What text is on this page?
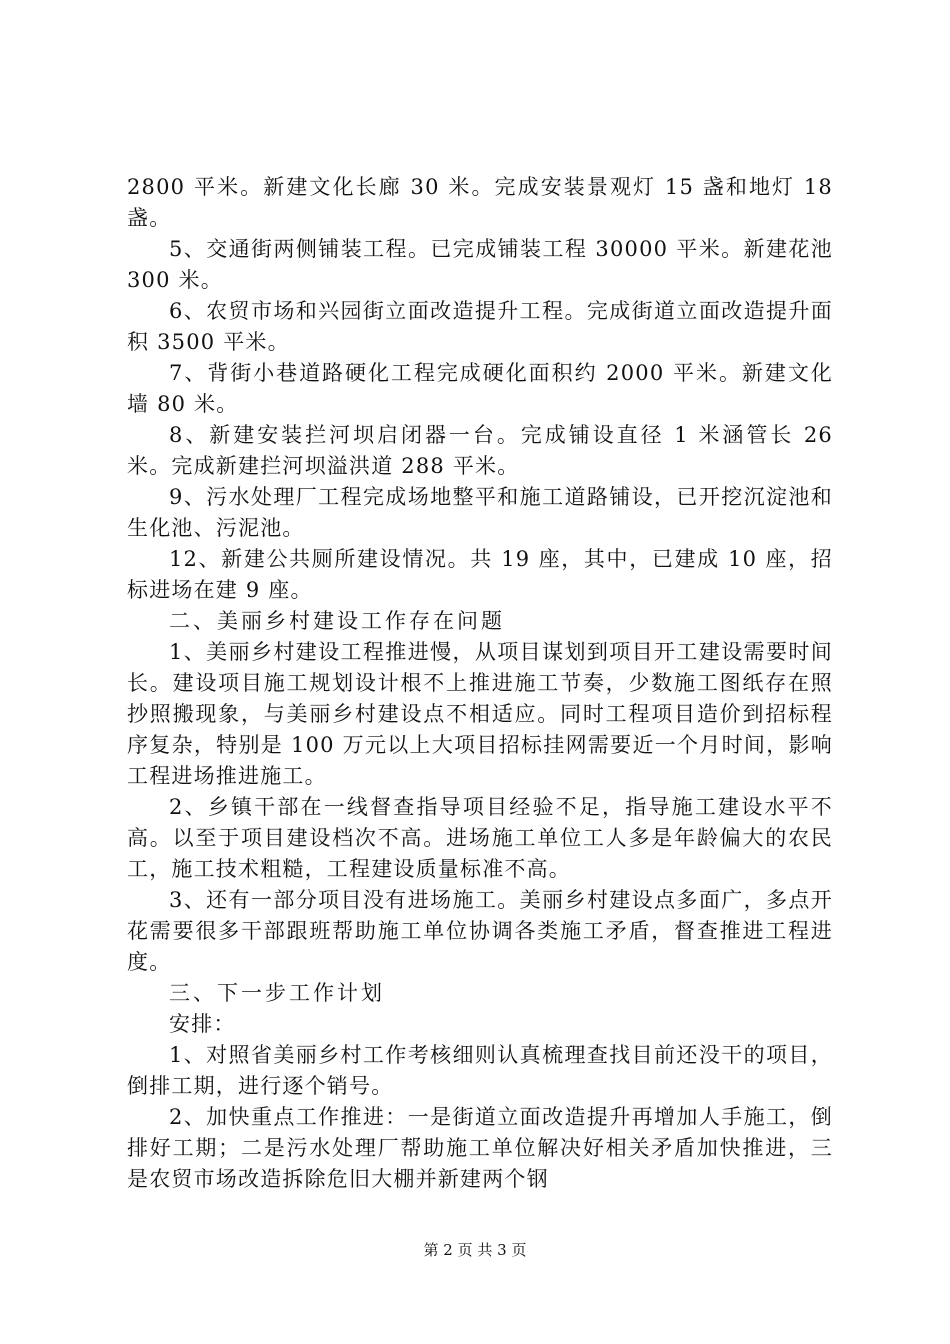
2800 平米。新建文化长廊 30 米。完成安装景观灯 15 盏和地灯 18 盏。

5、交通街两侧铺装工程。已完成铺装工程 30000 平米。新建花池 300 米。

6、农贸市场和兴园街立面改造提升工程。完成街道立面改造提升面积 3500 平米。

7、背街小巷道路硬化工程完成硬化面积约 2000 平米。新建文化墙 80 米。

8、新建安装拦河坝启闭器一台。完成铺设直径 1 米涵管长 26 米。完成新建拦河坝溢洪道 288 平米。

9、污水处理厂工程完成场地整平和施工道路铺设，已开挖沉淀池和生化池、污泥池。

12、新建公共厕所建设情况。共 19 座，其中，已建成 10 座，招标进场在建 9 座。

二、美丽乡村建设工作存在问题

1、美丽乡村建设工程推进慢，从项目谋划到项目开工建设需要时间长。建设项目施工规划设计根不上推进施工节奏，少数施工图纸存在照抄照搬现象，与美丽乡村建设点不相适应。同时工程项目造价到招标程序复杂，特别是 100 万元以上大项目招标挂网需要近一个月时间，影响工程进场推进施工。

2、乡镇干部在一线督查指导项目经验不足，指导施工建设水平不高。以至于项目建设档次不高。进场施工单位工人多是年龄偏大的农民工，施工技术粗糙，工程建设质量标准不高。

3、还有一部分项目没有进场施工。美丽乡村建设点多面广，多点开花需要很多干部跟班帮助施工单位协调各类施工矛盾，督查推进工程进度。

三、下一步工作计划

安排：

1、对照省美丽乡村工作考核细则认真梳理查找目前还没干的项目，倒排工期，进行逐个销号。

2、加快重点工作推进：一是街道立面改造提升再增加人手施工，倒排好工期；二是污水处理厂帮助施工单位解决好相关矛盾加快推进，三是农贸市场改造拆除危旧大棚并新建两个钢

第 2 页 共 3 页
